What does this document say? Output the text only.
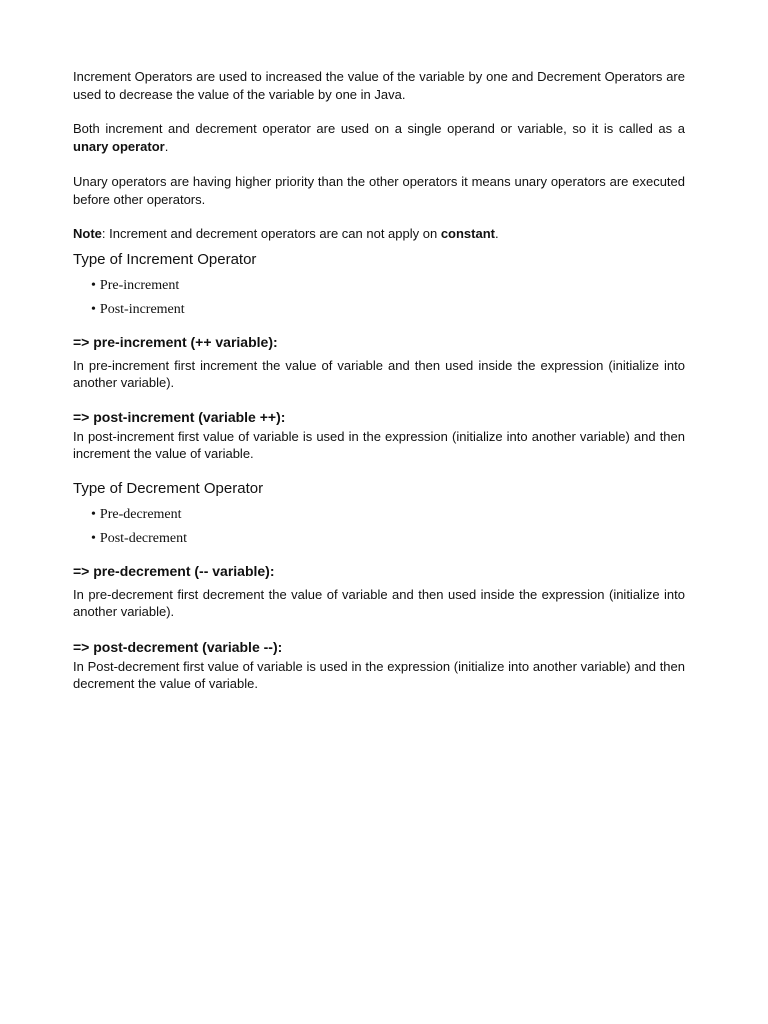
Increment Operators are used to increased the value of the variable by one and Decrement Operators are used to decrease the value of the variable by one in Java.

Both increment and decrement operator are used on a single operand or variable, so it is called as a unary operator.

Unary operators are having higher priority than the other operators it means unary operators are executed before other operators.

Note: Increment and decrement operators are can not apply on constant.

Type of Increment Operator
• Pre-increment
• Post-increment
=> pre-increment (++ variable):

In pre-increment first increment the value of variable and then used inside the expression (initialize into another variable).

=> post-increment (variable ++):

In post-increment first value of variable is used in the expression (initialize into another variable) and then increment the value of variable.

Type of Decrement Operator
• Pre-decrement
• Post-decrement
=> pre-decrement (-- variable):

In pre-decrement first decrement the value of variable and then used inside the expression (initialize into another variable).

=> post-decrement (variable --):

In Post-decrement first value of variable is used in the expression (initialize into another variable) and then decrement the value of variable.
